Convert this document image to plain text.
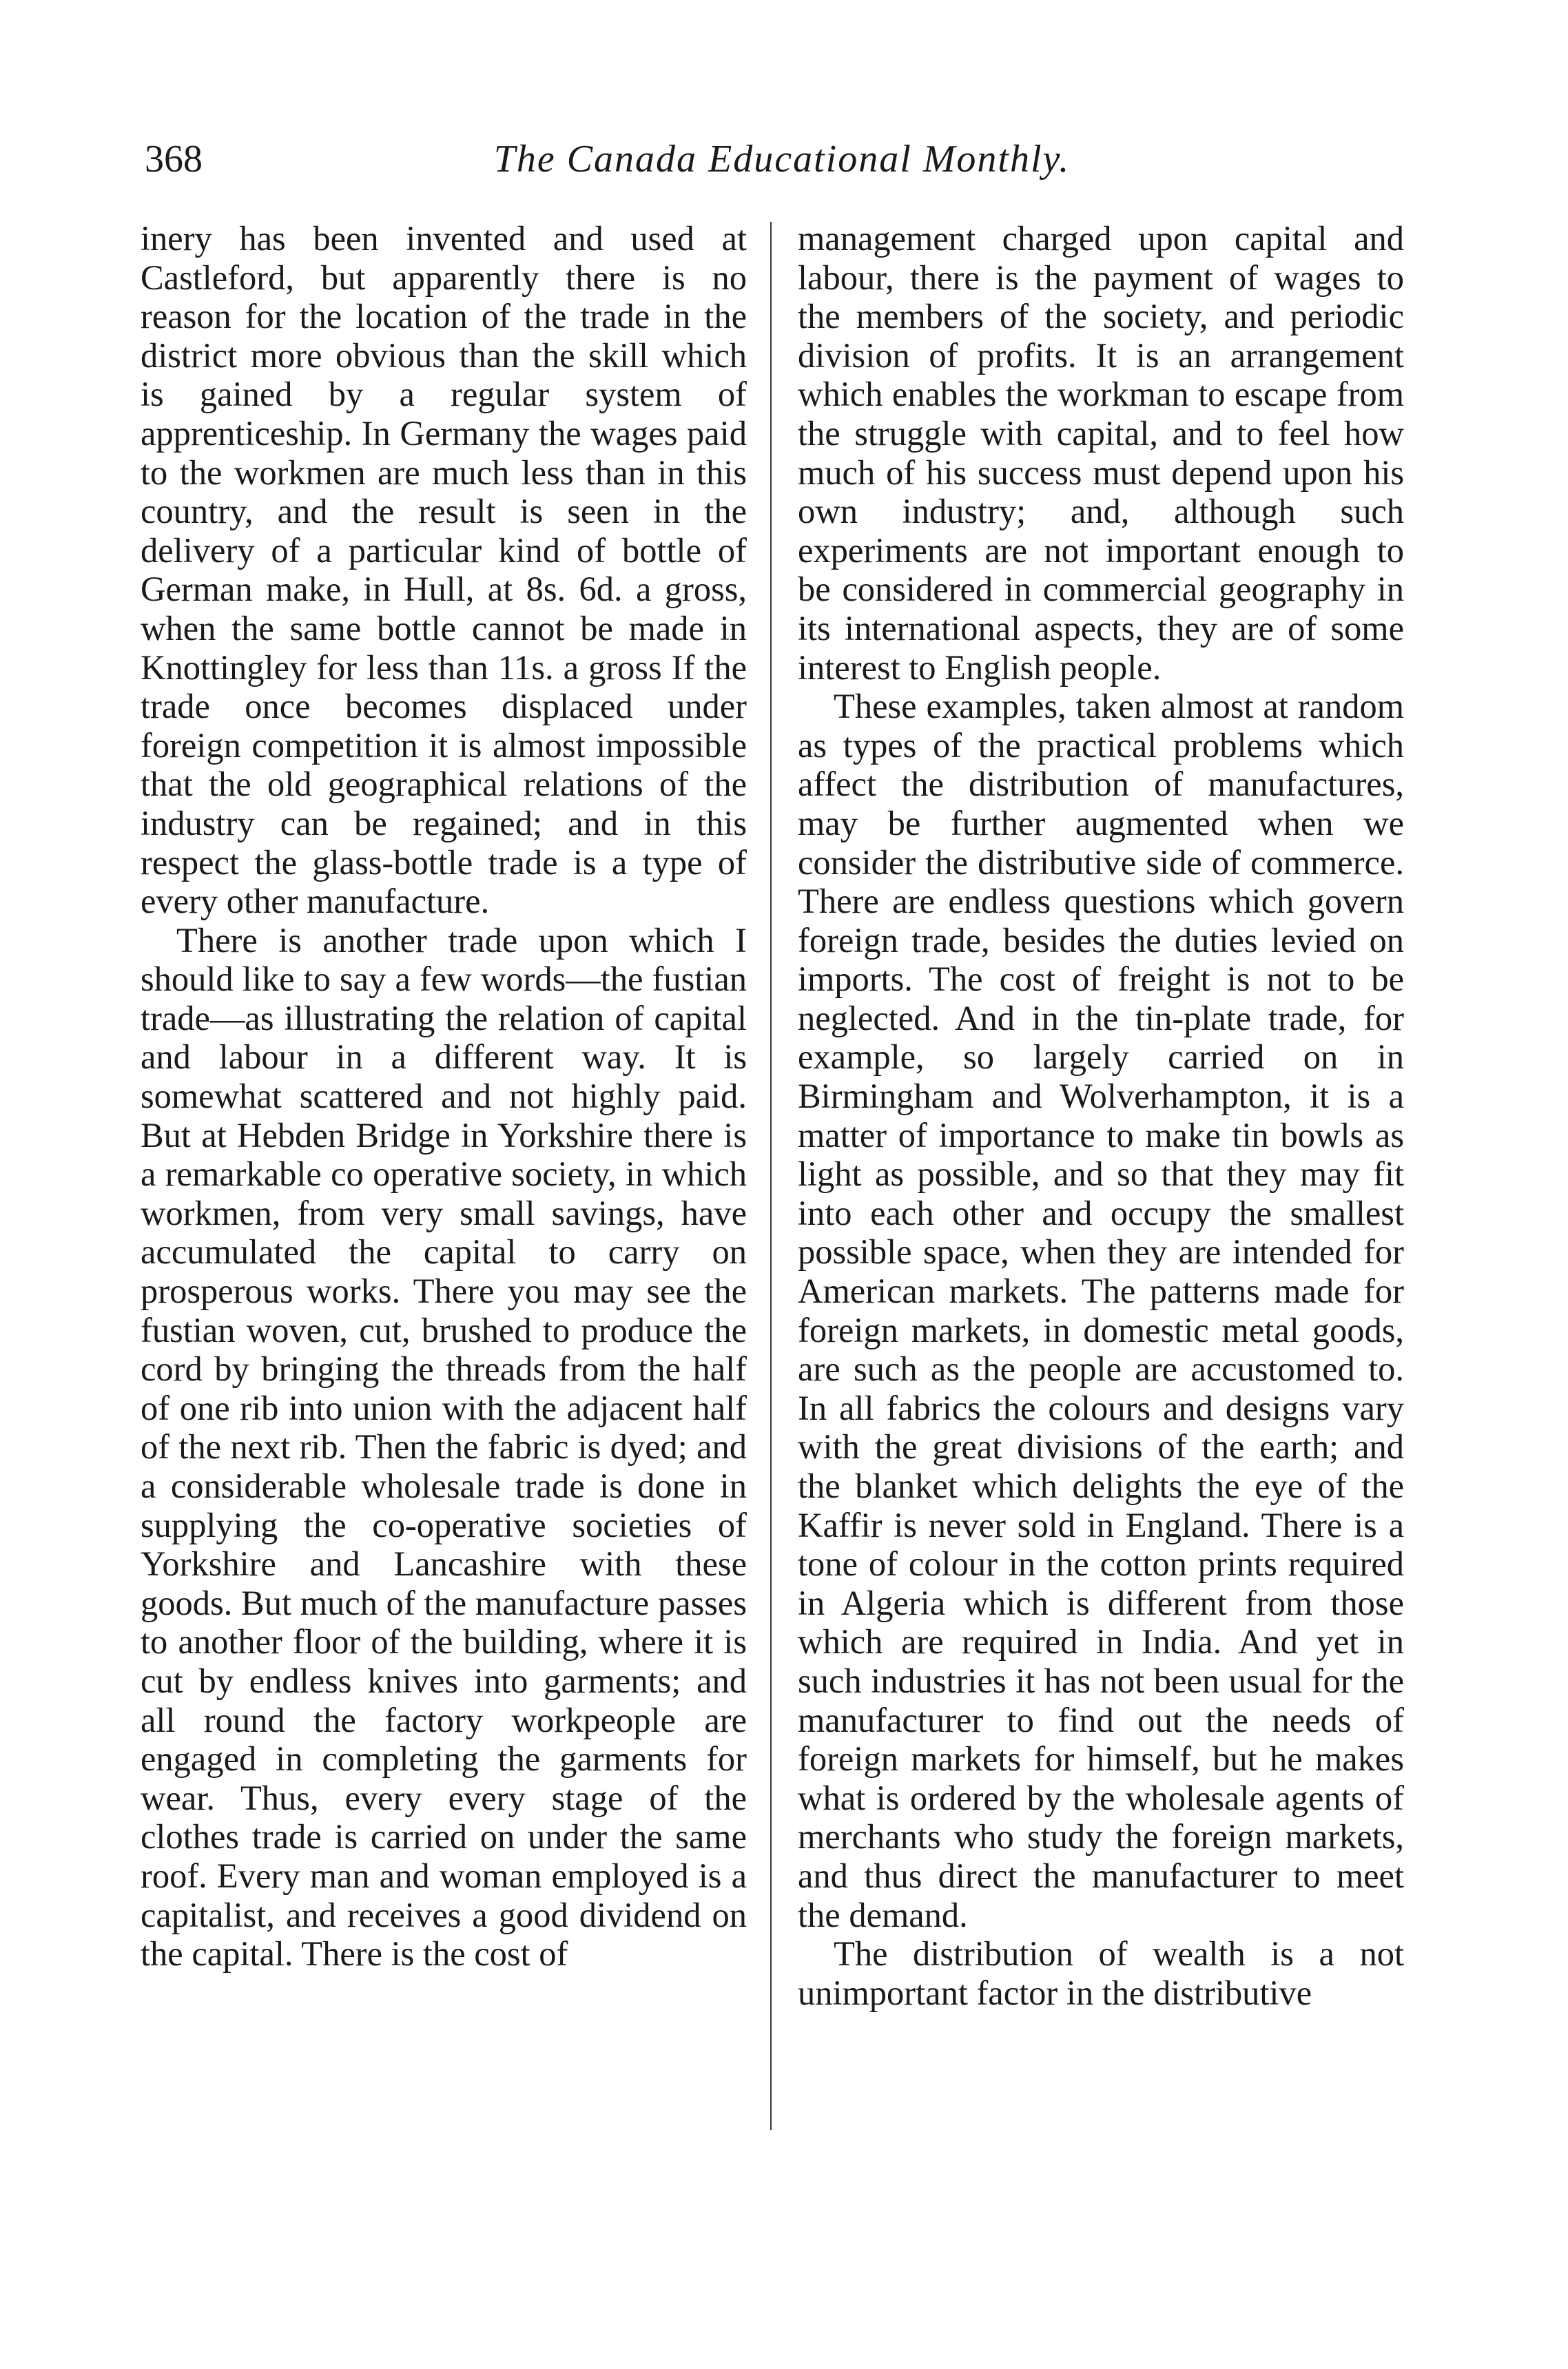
368	The Canada Educational Monthly.

inery has been invented and used at Castleford, but apparently there is no reason for the location of the trade in the district more obvious than the skill which is gained by a regular system of apprenticeship. In Germany the wages paid to the workmen are much less than in this country, and the result is seen in the delivery of a particular kind of bottle of German make, in Hull, at 8s. 6d. a gross, when the same bottle cannot be made in Knottingley for less than 11s. a gross If the trade once becomes displaced under foreign competition it is almost impossible that the old geographical relations of the industry can be regained; and in this respect the glass-bottle trade is a type of every other manufacture.

There is another trade upon which I should like to say a few words—the fustian trade—as illustrating the relation of capital and labour in a different way. It is somewhat scattered and not highly paid. But at Hebden Bridge in Yorkshire there is a remarkable co operative society, in which workmen, from very small savings, have accumulated the capital to carry on prosperous works. There you may see the fustian woven, cut, brushed to produce the cord by bringing the threads from the half of one rib into union with the adjacent half of the next rib. Then the fabric is dyed; and a considerable wholesale trade is done in supplying the co-operative societies of Yorkshire and Lancashire with these goods. But much of the manufacture passes to another floor of the building, where it is cut by endless knives into garments; and all round the factory workpeople are engaged in completing the garments for wear. Thus, every every stage of the clothes trade is carried on under the same roof. Every man and woman employed is a capitalist, and receives a good dividend on the capital. There is the cost of

management charged upon capital and labour, there is the payment of wages to the members of the society, and periodic division of profits. It is an arrangement which enables the workman to escape from the struggle with capital, and to feel how much of his success must depend upon his own industry; and, although such experiments are not important enough to be considered in commercial geography in its international aspects, they are of some interest to English people.

These examples, taken almost at random as types of the practical problems which affect the distribution of manufactures, may be further augmented when we consider the distributive side of commerce. There are endless questions which govern foreign trade, besides the duties levied on imports. The cost of freight is not to be neglected. And in the tin-plate trade, for example, so largely carried on in Birmingham and Wolverhampton, it is a matter of importance to make tin bowls as light as possible, and so that they may fit into each other and occupy the smallest possible space, when they are intended for American markets. The patterns made for foreign markets, in domestic metal goods, are such as the people are accustomed to. In all fabrics the colours and designs vary with the great divisions of the earth; and the blanket which delights the eye of the Kaffir is never sold in England. There is a tone of colour in the cotton prints required in Algeria which is different from those which are required in India. And yet in such industries it has not been usual for the manufacturer to find out the needs of foreign markets for himself, but he makes what is ordered by the wholesale agents of merchants who study the foreign markets, and thus direct the manufacturer to meet the demand.

The distribution of wealth is a not unimportant factor in the distributive
